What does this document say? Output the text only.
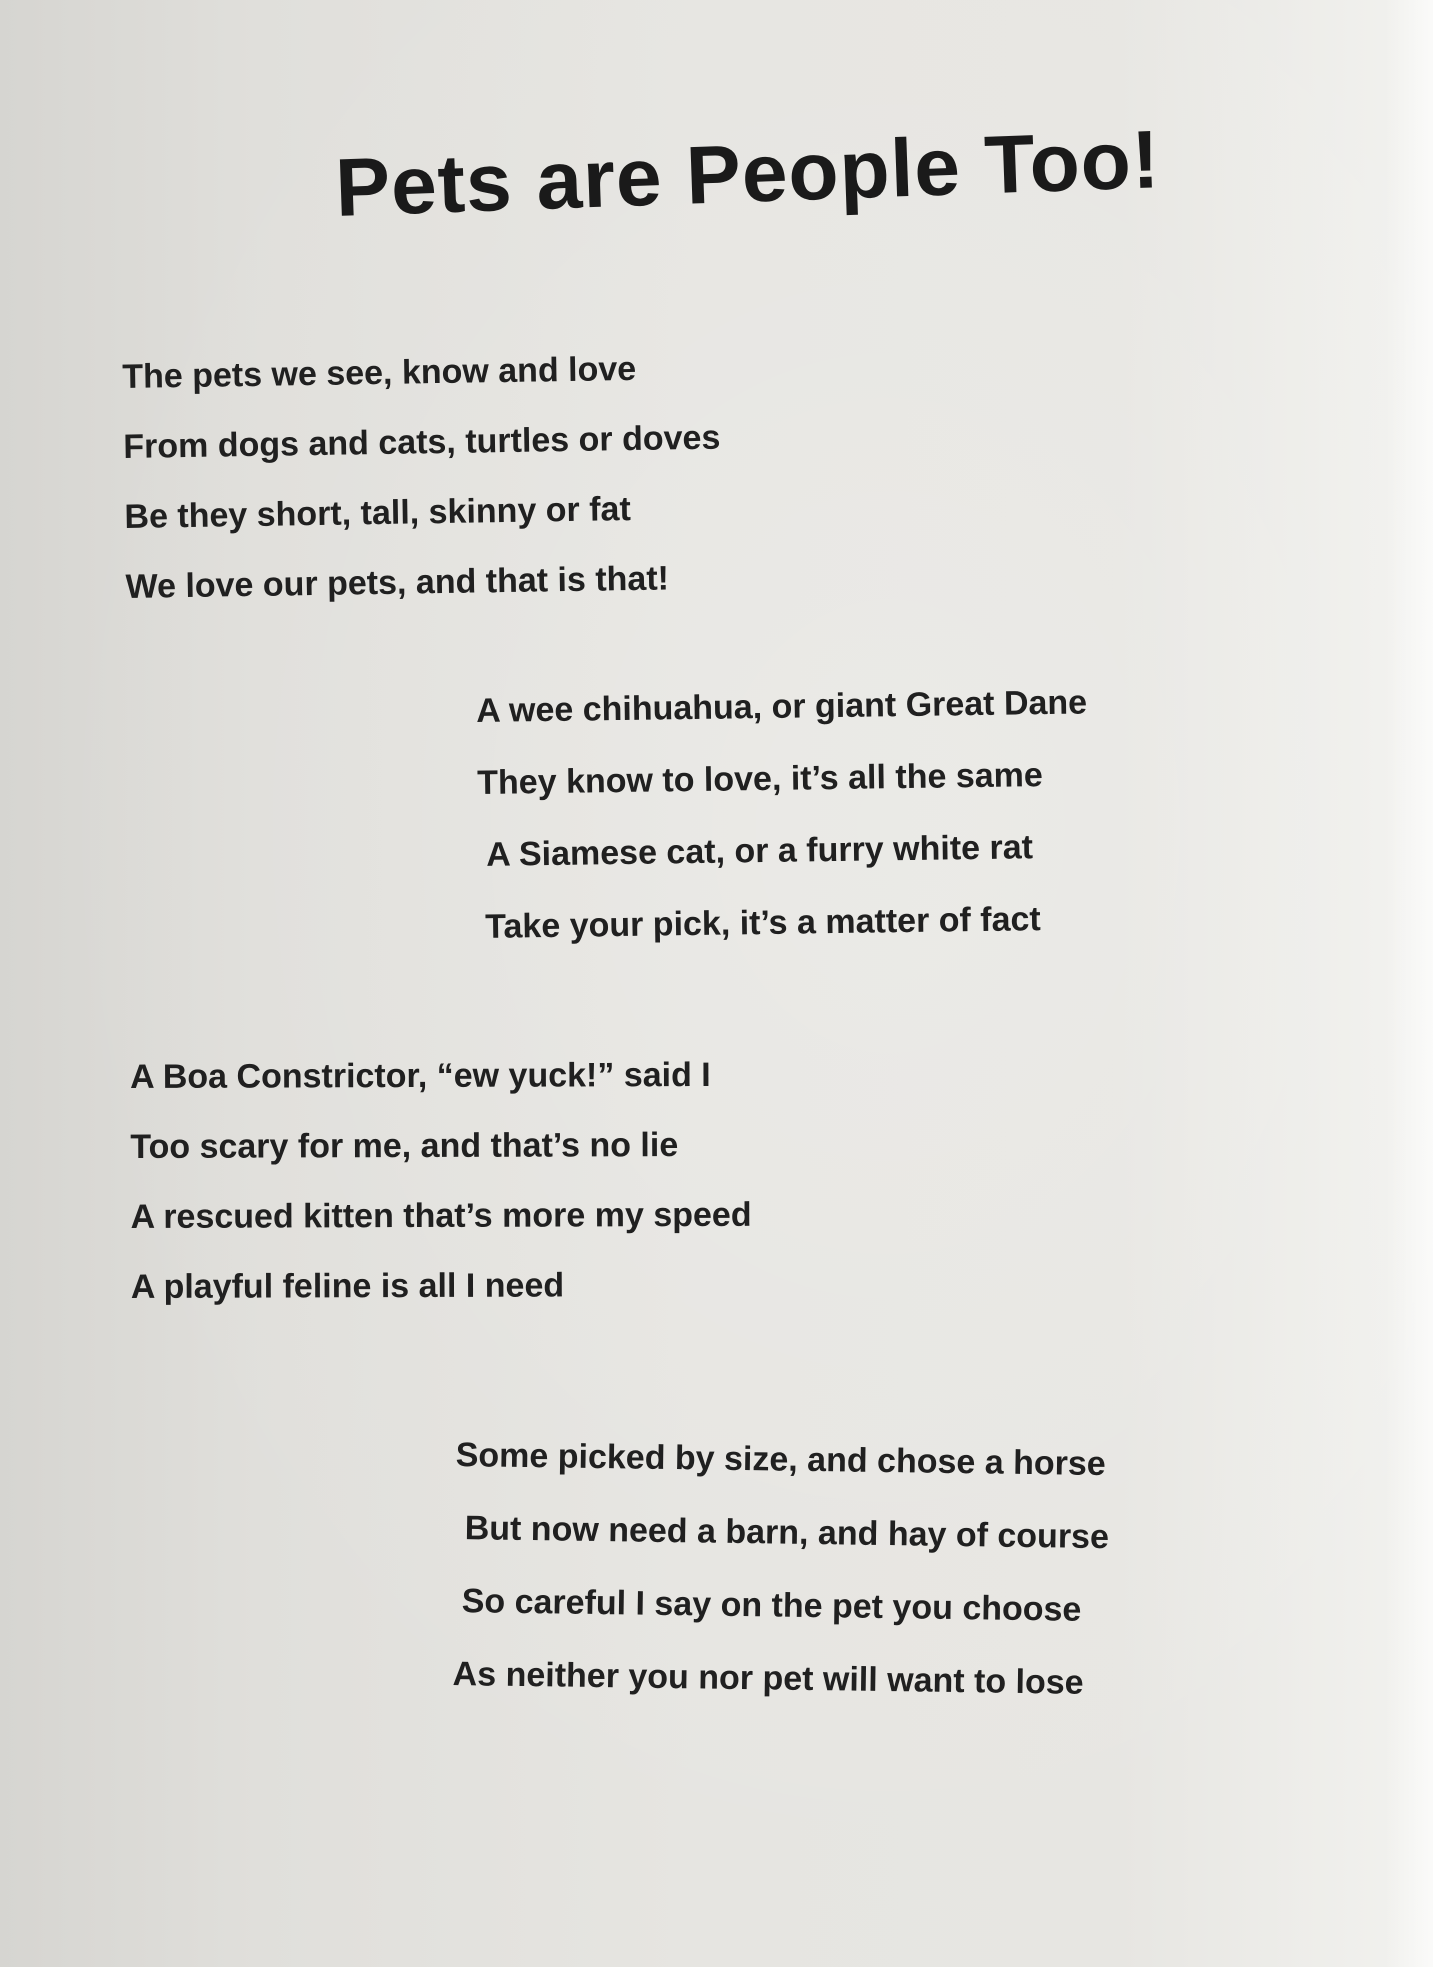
Pets are People Too!
The pets we see, know and love
From dogs and cats, turtles or doves
Be they short, tall, skinny or fat
We love our pets, and that is that!
A wee chihuahua, or giant Great Dane
They know to love, it’s all the same
A Siamese cat, or a furry white rat
Take your pick, it’s a matter of fact
A Boa Constrictor, “ew yuck!” said I
Too scary for me, and that’s no lie
A rescued kitten that’s more my speed
A playful feline is all I need
Some picked by size, and chose a horse
But now need a barn, and hay of course
So careful I say on the pet you choose
As neither you nor pet will want to lose
